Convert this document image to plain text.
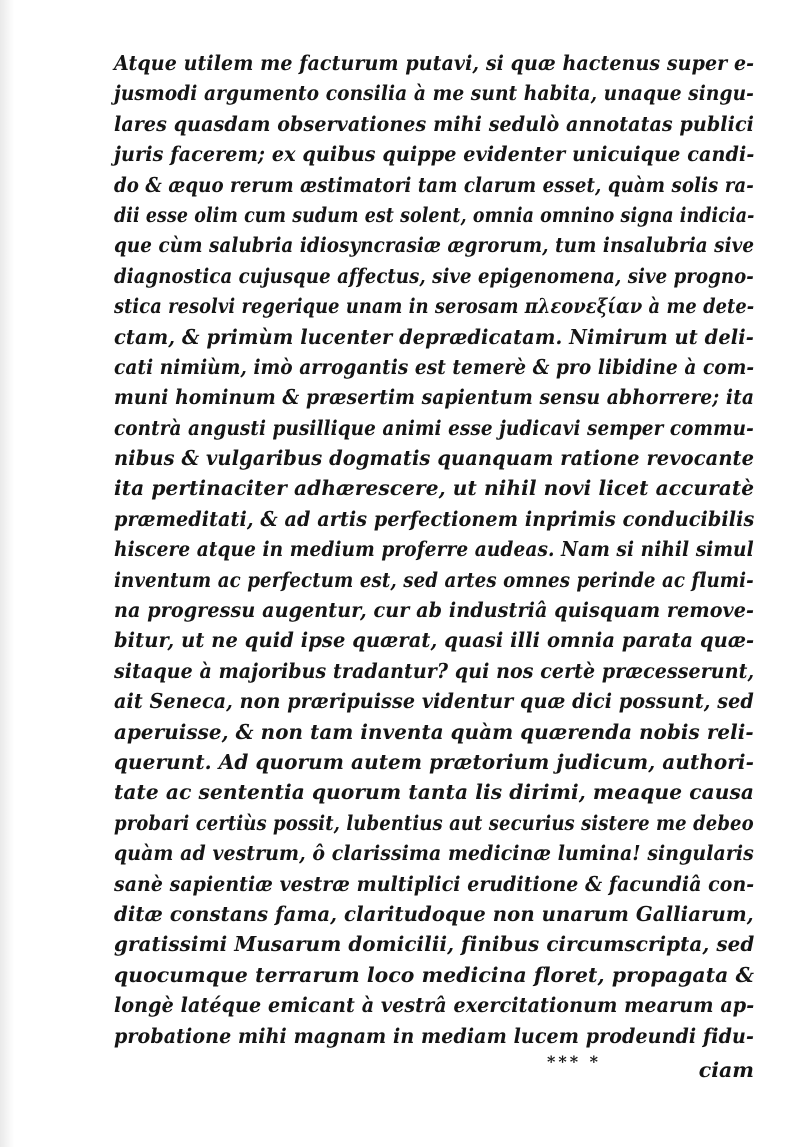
Atque utilem me facturum putavi, si quæ hactenus super e-
jusmodi argumento consilia à me sunt habita, unaque singu-
lares quasdam observationes mihi sedulò annotatas publici
juris facerem; ex quibus quippe evidenter unicuique candi-
do & æquo rerum æstimatori tam clarum esset, quàm solis ra-
dii esse olim cum sudum est solent, omnia omnino signa indicia-
que cùm salubria idiosyncrasiæ ægrorum, tum insalubria sive
diagnostica cujusque affectus, sive epigenomena, sive progno-
stica resolvi regerique unam in serosam πλεονεξίαν à me dete-
ctam, & primùm lucenter deprædicatam. Nimirum ut deli-
cati nimiùm, imò arrogantis est temerè & pro libidine à com-
muni hominum & præsertim sapientum sensu abhorrere; ita
contrà angusti pusillique animi esse judicavi semper commu-
nibus & vulgaribus dogmatis quanquam ratione revocante
ita pertinaciter adhærescere, ut nihil novi licet accuratè
præmeditati, & ad artis perfectionem inprimis conducibilis
hiscere atque in medium proferre audeas. Nam si nihil simul
inventum ac perfectum est, sed artes omnes perinde ac flumi-
na progressu augentur, cur ab industriâ quisquam remove-
bitur, ut ne quid ipse quærat, quasi illi omnia parata quæ-
sitaque à majoribus tradantur? qui nos certè præcesserunt,
ait Seneca, non præripuisse videntur quæ dici possunt, sed
aperuisse, & non tam inventa quàm quærenda nobis reli-
querunt. Ad quorum autem prætorium judicum, authori-
tate ac sententia quorum tanta lis dirimi, meaque causa
probari certiùs possit, lubentius aut securius sistere me debeo
quàm ad vestrum, ô clarissima medicinæ lumina! singularis
sanè sapientiæ vestræ multiplici eruditione & facundiâ con-
ditæ constans fama, claritudoque non unarum Galliarum,
gratissimi Musarum domicilii, finibus circumscripta, sed
quocumque terrarum loco medicina floret, propagata &
longè latéque emicant à vestrâ exercitationum mearum ap-
probatione mihi magnam in mediam lucem prodeundi fidu-
*** *	ciam
